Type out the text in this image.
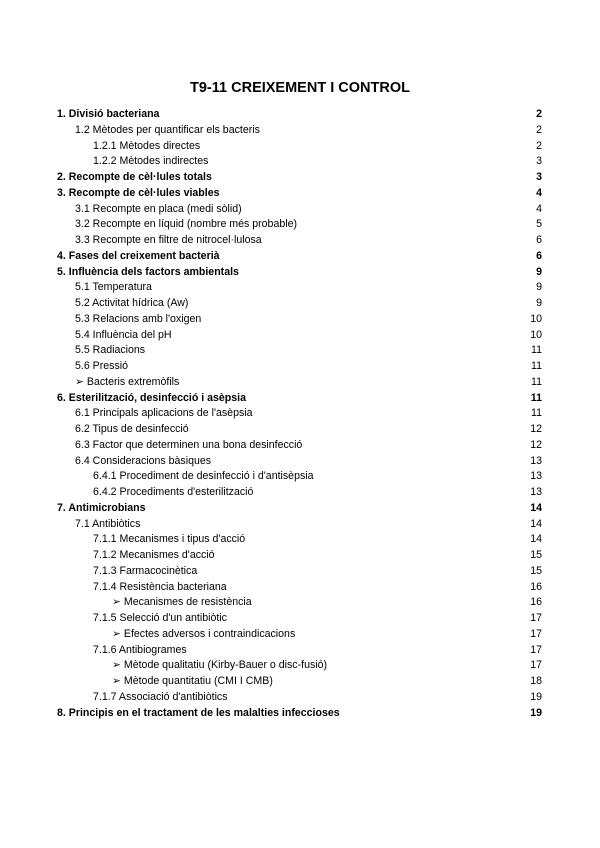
T9-11 CREIXEMENT I CONTROL
1. Divisió bacteriana	2
1.2 Mètodes per quantificar els bacteris	2
1.2.1 Mètodes directes	2
1.2.2 Mètodes indirectes	3
2. Recompte de cèl·lules totals	3
3. Recompte de cèl·lules viables	4
3.1 Recompte en placa (medi sòlid)	4
3.2 Recompte en líquid (nombre més probable)	5
3.3 Recompte en filtre de nitrocel·lulosa	6
4. Fases del creixement bacterià	6
5. Influència dels factors ambientals	9
5.1 Temperatura	9
5.2 Activitat hídrica (Aw)	9
5.3 Relacions amb l'oxigen	10
5.4 Influència del pH	10
5.5 Radiacions	11
5.6 Pressió	11
➢ Bacteris extremòfils	11
6. Esterilització, desinfecció i asèpsia	11
6.1 Principals aplicacions de l'asèpsia	11
6.2 Tipus de desinfecció	12
6.3 Factor que determinen una bona desinfecció	12
6.4 Consideracions bàsiques	13
6.4.1 Procediment de desinfecció i d'antisèpsia	13
6.4.2 Procediments d'esterilització	13
7. Antimicrobians	14
7.1 Antibiòtics	14
7.1.1 Mecanismes i tipus d'acció	14
7.1.2 Mecanismes d'acció	15
7.1.3 Farmacocinètica	15
7.1.4 Resistència bacteriana	16
➢ Mecanismes de resistència	16
7.1.5 Selecció d'un antibiòtic	17
➢ Efectes adversos i contraindicacions	17
7.1.6 Antibiogrames	17
➢ Mètode qualitatiu (Kirby-Bauer o disc-fusió)	17
➢ Mètode quantitatiu (CMI I CMB)	18
7.1.7 Associació d'antibiòtics	19
8. Principis en el tractament de les malalties infeccioses	19
